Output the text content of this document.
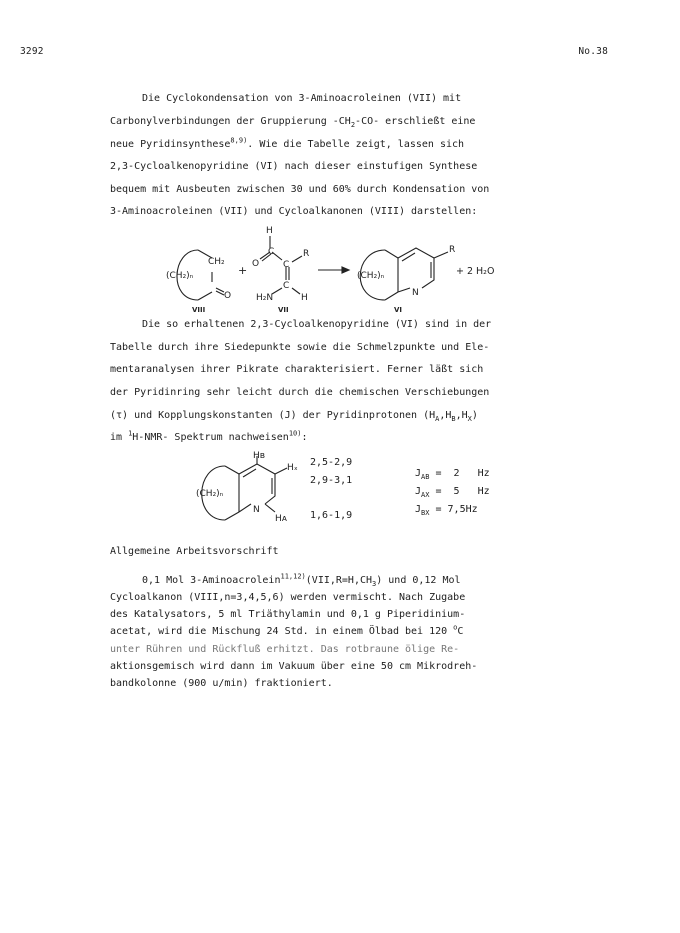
3292	No.38
Die Cyclokondensation von 3-Aminoacroleinen (VII) mit
Carbonylverbindungen der Gruppierung $-CH_2-CO-$ erschließt eine
neue Pyridinsynthese$^{8,9)}$. Wie die Tabelle zeigt, lassen sich
2,3-Cycloalkenopyridine (VI) nach dieser einstufigen Synthese
bequem mit Ausbeuten zwischen 30 und 60% durch Kondensation von
3-Aminoacroleinen (VII) und Cycloalkanonen (VIII) darstellen:
(CH₂)ₙ
CH₂
O
VIII
+
H
O
C
C
C
R
H₂N	H
VII
(CH₂)ₙ
R
N
+ 2 H₂O
VI
Die so erhaltenen 2,3-Cycloalkenopyridine (VI) sind in der
Tabelle durch ihre Siedepunkte sowie die Schmelzpunkte und Ele-
mentaranalysen ihrer Pikrate charakterisiert. Ferner läßt sich
der Pyridinring sehr leicht durch die chemischen Verschiebungen
(τ) und Kopplungskonstanten (J) der Pyridinprotonen $(H_A,H_B,H_X)$
im $^1$H-NMR- Spektrum nachweisen$^{10)}$:
(CH₂)ₙ
Hʙ
Hₓ
Hᴀ
N
2,5-2,9
2,9-3,1
1,6-1,9
$J_{AB} = 2$   Hz
$J_{AX} = 5$   Hz
$J_{BX} = 7,5Hz$
Allgemeine Arbeitsvorschrift
0,1 Mol $3-Aminoacrolein^{11,12)}(VII,R=H,CH_3)$ und 0,12 Mol
Cycloalkanon (VIII,n=3,4,5,6) werden vermischt. Nach Zugabe
des Katalysators, 5 ml Triäthylamin und 0,1 g Piperidinium-
acetat, wird die Mischung 24 Std. in einem Ölbad bei 120 $^o$C
unter Rühren und Rückfluß erhitzt. Das rotbraune ölige Re-
aktionsgemisch wird dann im Vakuum über eine 50 cm Mikrodreh-
bandkolonne (900 u/min) fraktioniert.
